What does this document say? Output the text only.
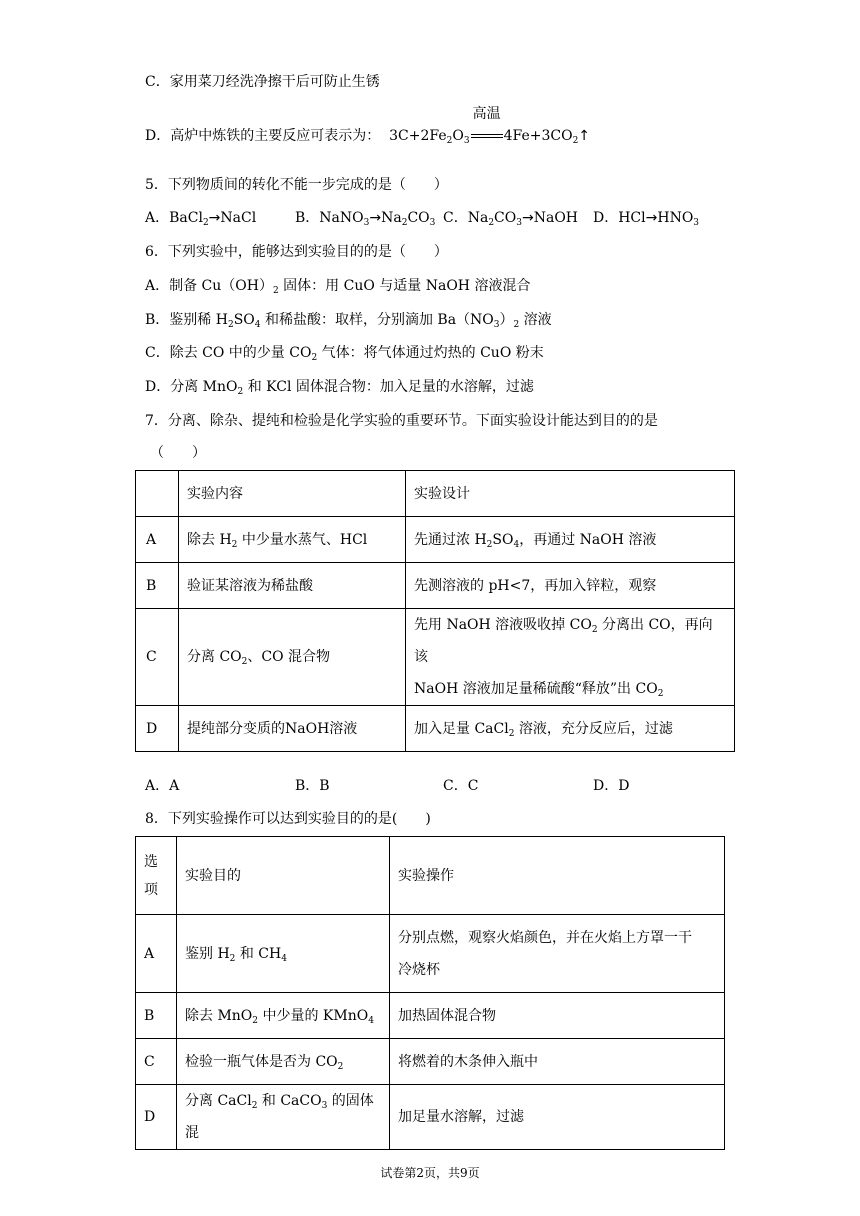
C．家用菜刀经洗净擦干后可防止生锈
D．高炉中炼铁的主要反应可表示为： $3C+2Fe_2O_3$
高温
$4Fe+3CO_2↑$
5．下列物质间的转化不能一步完成的是（　　）
A．BaCl$_2$→NaCl	B．$NaNO_3\to Na_2CO_3$ C．$Na_2CO_3\to NaOH$ D．$HCl\to HNO_3$
6．下列实验中，能够达到实验目的的是（　　）
A．制备 $Cu(OH)_2$ 固体：用 CuO 与适量 NaOH 溶液混合
B．鉴别稀 $H_2SO_4$ 和稀盐酸：取样，分别滴加 $Ba(NO_3)_2$ 溶液
C．除去 CO 中的少量 $CO_2$ 气体：将气体通过灼热的 CuO 粉末
D．分离 MnO$_2$ 和 KCl 固体混合物：加入足量的水溶解，过滤
7．分离、除杂、提纯和检验是化学实验的重要环节。下面实验设计能达到目的的是
（　　）
	实验内容	实验设计
A	除去 $H_2$ 中少量水蒸气、HCl	先通过浓 $H_2SO_4$，再通过 NaOH 溶液
B	验证某溶液为稀盐酸	先测溶液的 pH<7，再加入锌粒，观察
C	分离 $CO_2$、CO 混合物	先用 NaOH 溶液吸收掉 $CO_2$ 分离出 CO，再向该
NaOH 溶液加足量稀硫酸“释放”出 $CO_2$
D	提纯部分变质的NaOH溶液	加入足量 CaCl$_2$ 溶液，充分反应后，过滤
A．A	B．B	C．C	D．D
8．下列实验操作可以达到实验目的的是(　　)
选
项	实验目的	实验操作
A	鉴别 $H_2$ 和 $CH_4$	分别点燃，观察火焰颜色，并在火焰上方罩一干
冷烧杯
B	除去 MnO$_2$ 中少量的 KMnO$_4$	加热固体混合物
C	检验一瓶气体是否为 $CO_2$	将燃着的木条伸入瓶中
D	分离 CaCl$_2$ 和 CaCO$_3$ 的固体混	加足量水溶解，过滤
试卷第2页，共9页
